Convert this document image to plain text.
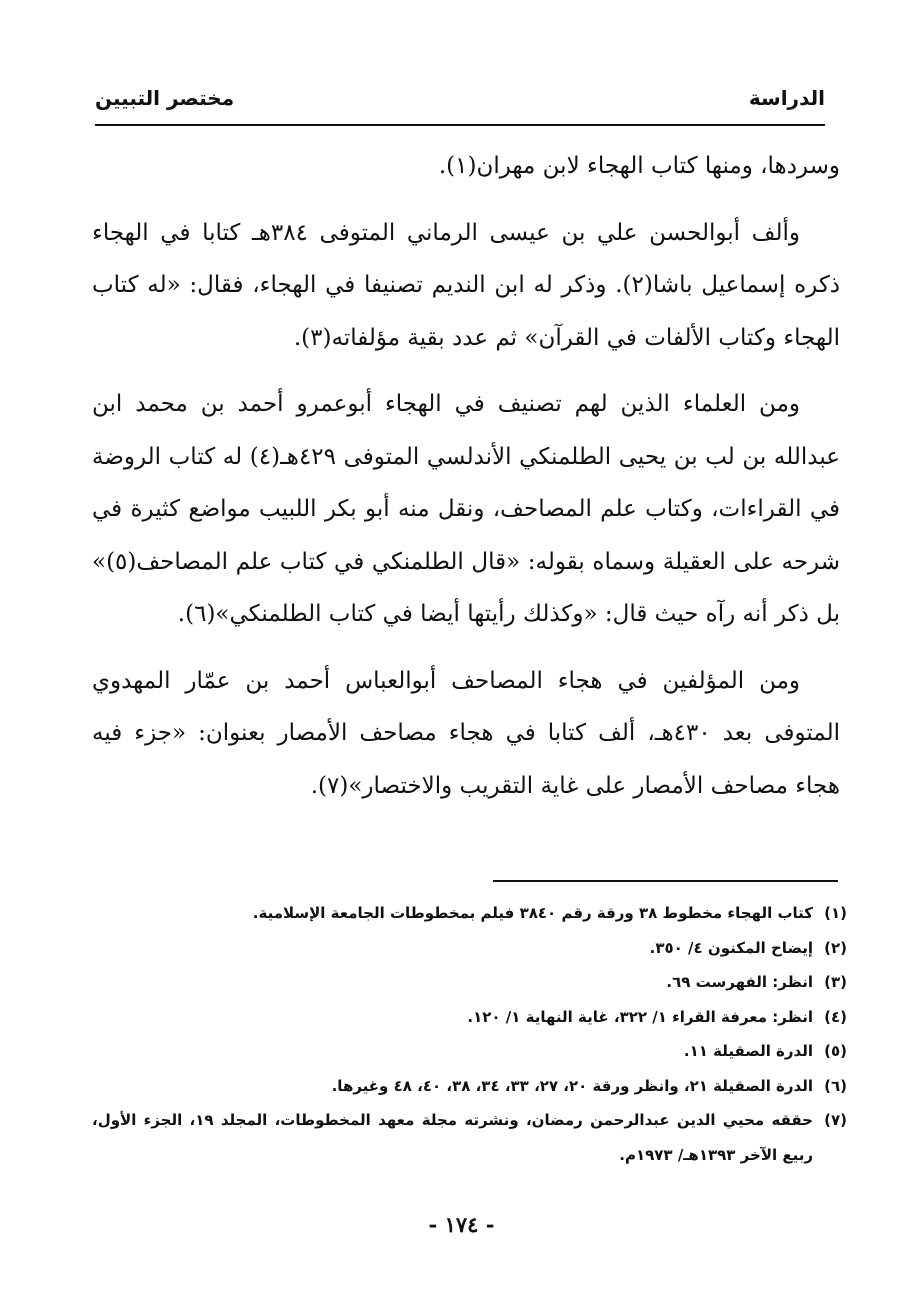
الدراسة
مختصر التبيين

وسردها، ومنها كتاب الهجاء لابن مهران(١).

وألف أبوالحسن علي بن عيسى الرماني المتوفى ٣٨٤هـ كتابا في الهجاء ذكره إسماعيل باشا(٢). وذكر له ابن النديم تصنيفا في الهجاء، فقال: «له كتاب الهجاء وكتاب الألفات في القرآن» ثم عدد بقية مؤلفاته(٣).

ومن العلماء الذين لهم تصنيف في الهجاء أبوعمرو أحمد بن محمد ابن عبدالله بن لب بن يحيى الطلمنكي الأندلسي المتوفى ٤٢٩هـ(٤) له كتاب الروضة في القراءات، وكتاب علم المصاحف، ونقل منه أبو بكر اللبيب مواضع كثيرة في شرحه على العقيلة وسماه بقوله: «قال الطلمنكي في كتاب علم المصاحف(٥)» بل ذكر أنه رآه حيث قال: «وكذلك رأيتها أيضا في كتاب الطلمنكي»(٦).

ومن المؤلفين في هجاء المصاحف أبوالعباس أحمد بن عمّار المهدوي المتوفى بعد ٤٣٠هـ، ألف كتابا في هجاء مصاحف الأمصار بعنوان: «جزء فيه هجاء مصاحف الأمصار على غاية التقريب والاختصار»(٧).

(١)
كتاب الهجاء مخطوط ٣٨ ورقة رقم ٣٨٤٠ فيلم بمخطوطات الجامعة الإسلامية.
(٢)
إيضاح المكنون ٤/ ٣٥٠.
(٣)
انظر: الفهرست ٦٩.
(٤)
انظر: معرفة القراء ١/ ٣٢٢، غاية النهاية ١/ ١٢٠.
(٥)
الدرة الصقيلة ١١.
(٦)
الدرة الصقيلة ٢١، وانظر ورقة ٢٠، ٢٧، ٣٣، ٣٤، ٣٨، ٤٠، ٤٨ وغيرها.
(٧)
حققه محيي الدين عبدالرحمن رمضان، ونشرته مجلة معهد المخطوطات، المجلد ١٩، الجزء الأول، ربيع الآخر ١٣٩٣هـ/ ١٩٧٣م.
- ١٧٤ -
